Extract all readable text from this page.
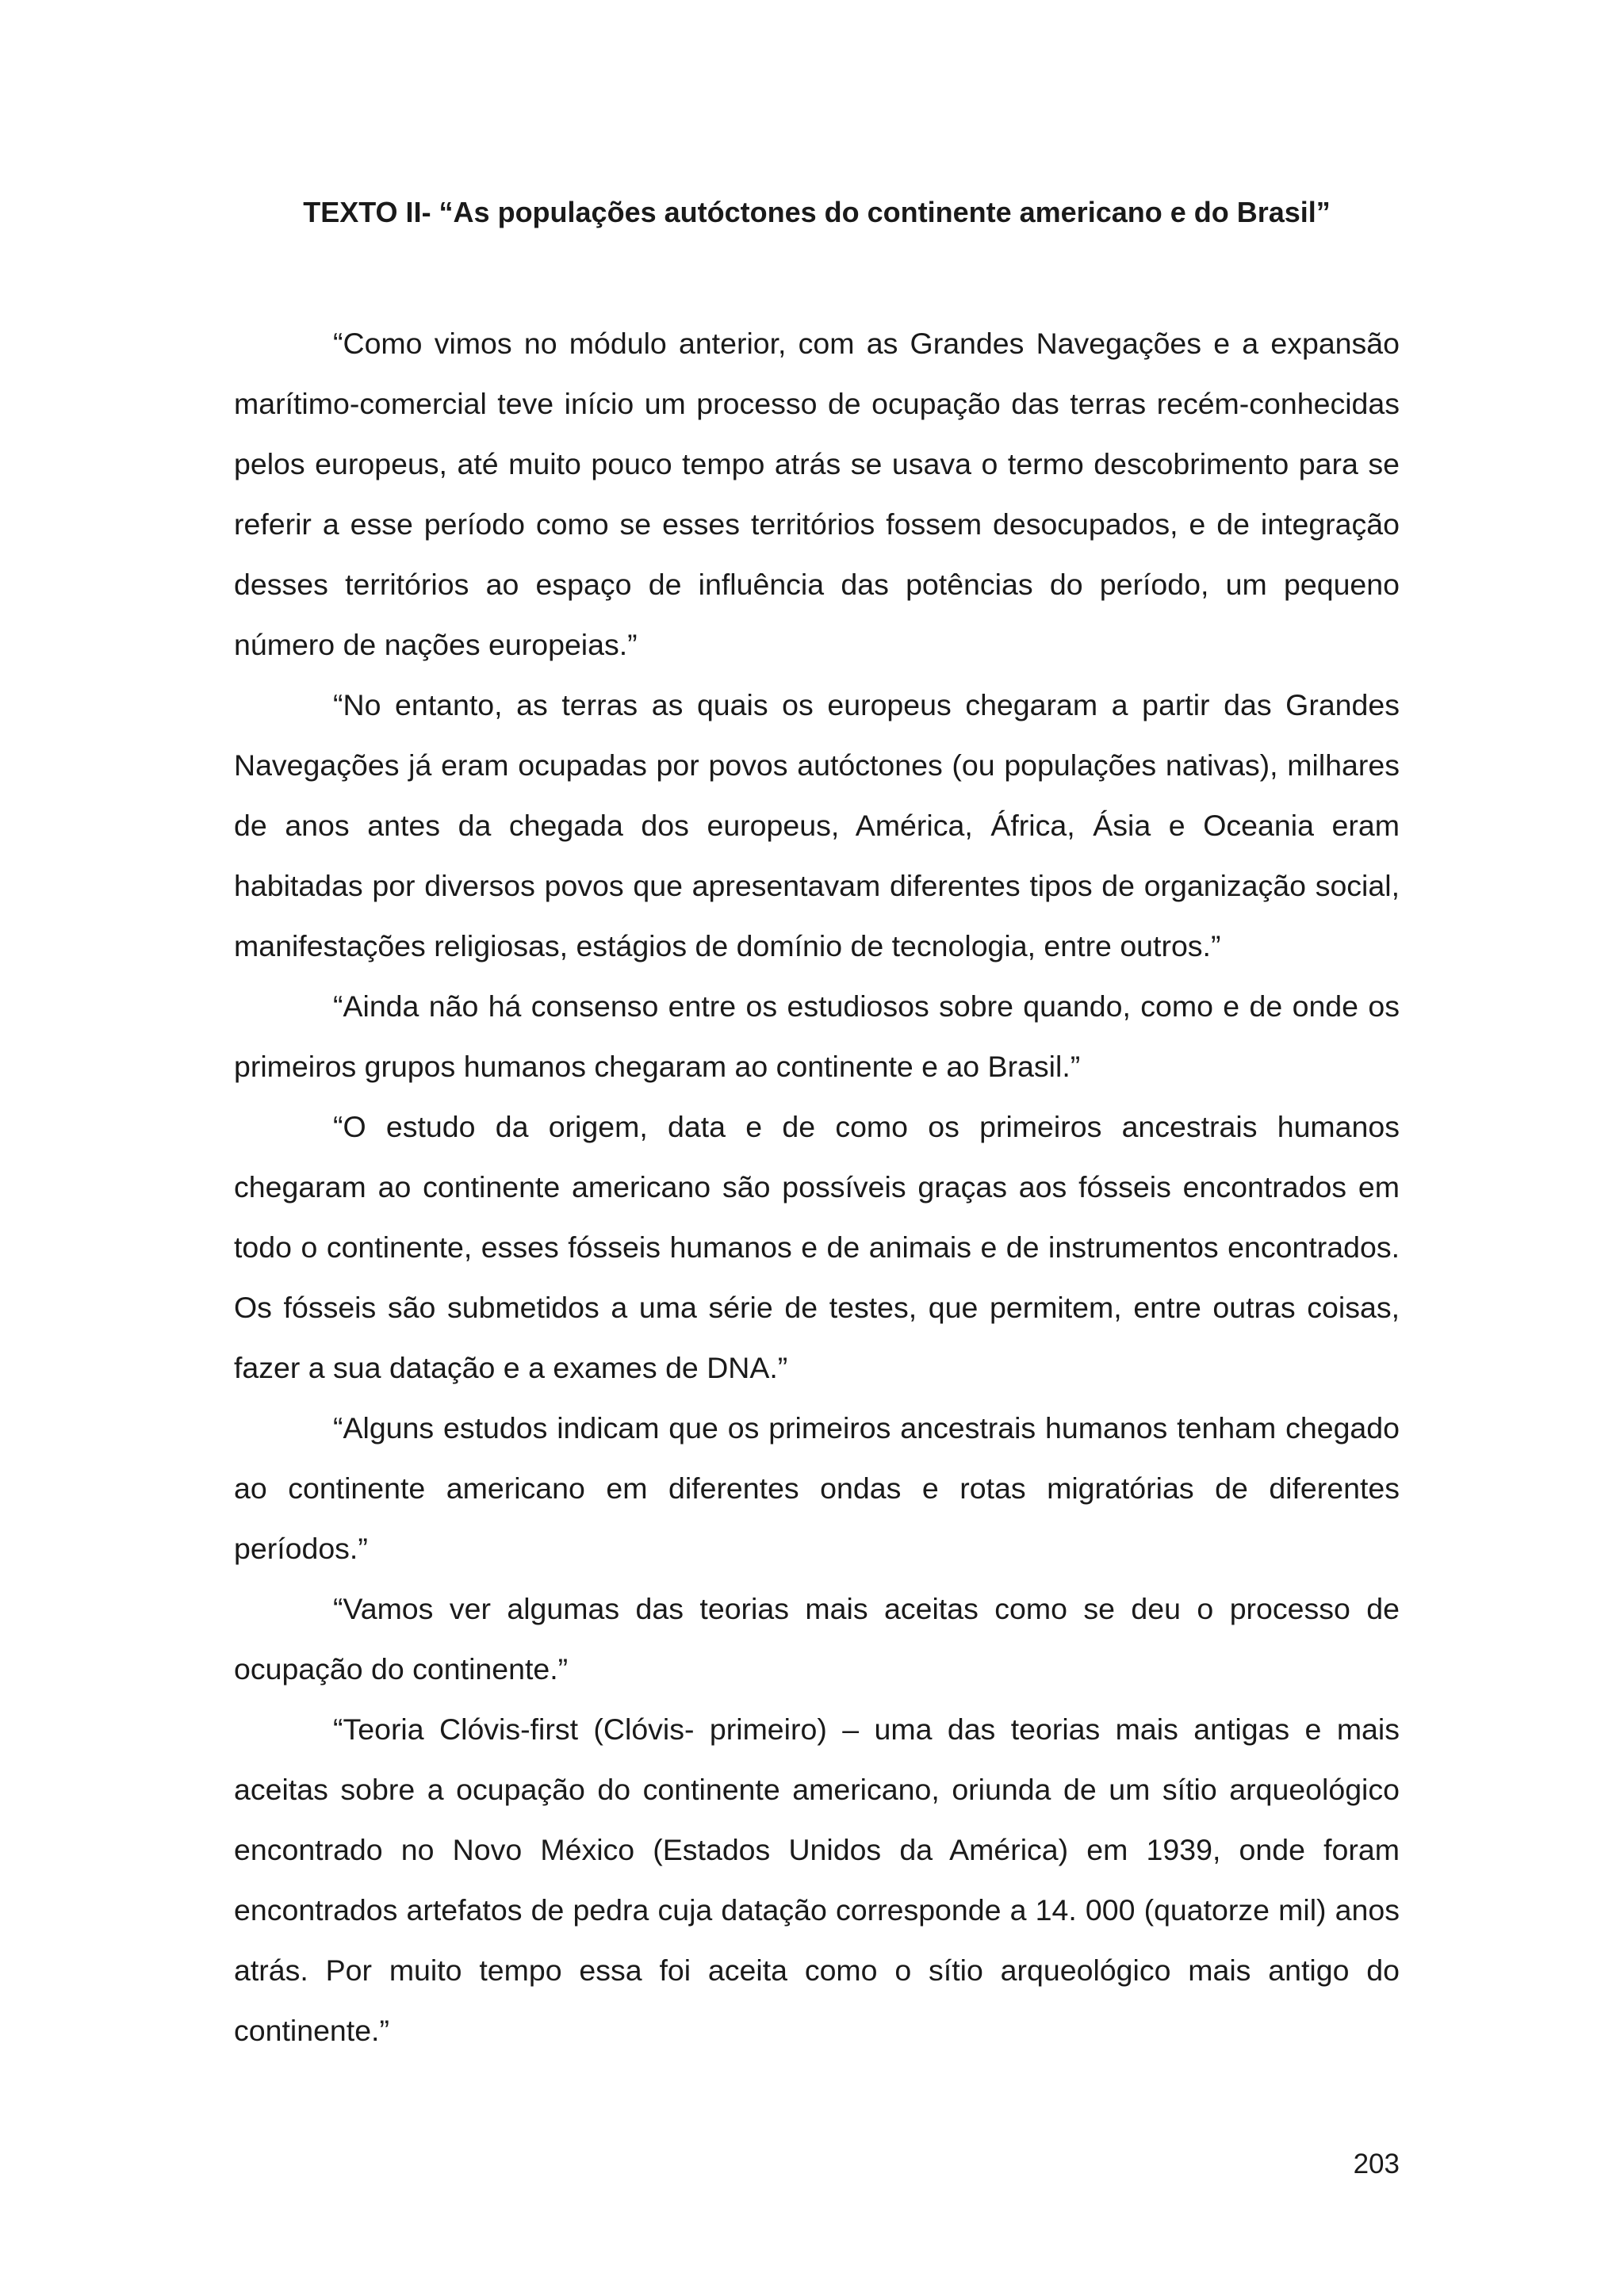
TEXTO II- “As populações autóctones do continente americano e do Brasil”

“Como vimos no módulo anterior, com as Grandes Navegações e a expansão marítimo-comercial teve início um processo de ocupação das terras recém-conhecidas pelos europeus, até muito pouco tempo atrás se usava o termo descobrimento para se referir a esse período como se esses territórios fossem desocupados, e de integração desses territórios ao espaço de influência das potências do período, um pequeno número de nações europeias.”

“No entanto, as terras as quais os europeus chegaram a partir das Grandes Navegações já eram ocupadas por povos autóctones (ou populações nativas), milhares de anos antes da chegada dos europeus, América, África, Ásia e Oceania eram habitadas por diversos povos que apresentavam diferentes tipos de organização social, manifestações religiosas, estágios de domínio de tecnologia, entre outros.”

“Ainda não há consenso entre os estudiosos sobre quando, como e de onde os primeiros grupos humanos chegaram ao continente e ao Brasil.”

“O estudo da origem, data e de como os primeiros ancestrais humanos chegaram ao continente americano são possíveis graças aos fósseis encontrados em todo o continente, esses fósseis humanos e de animais e de instrumentos encontrados. Os fósseis são submetidos a uma série de testes, que permitem, entre outras coisas, fazer a sua datação e a exames de DNA.”

“Alguns estudos indicam que os primeiros ancestrais humanos tenham chegado ao continente americano em diferentes ondas e rotas migratórias de diferentes períodos.”

“Vamos ver algumas das teorias mais aceitas como se deu o processo de ocupação do continente.”

“Teoria Clóvis-first (Clóvis- primeiro) – uma das teorias mais antigas e mais aceitas sobre a ocupação do continente americano, oriunda de um sítio arqueológico encontrado no Novo México (Estados Unidos da América) em 1939, onde foram encontrados artefatos de pedra cuja datação corresponde a 14. 000 (quatorze mil) anos atrás. Por muito tempo essa foi aceita como o sítio arqueológico mais antigo do continente.”

203
